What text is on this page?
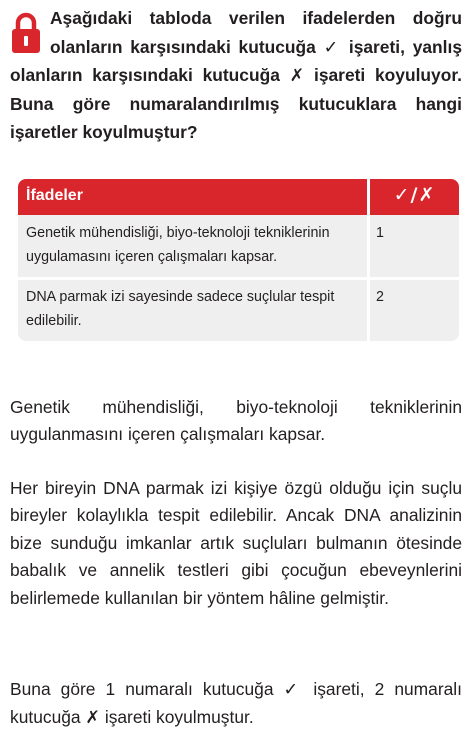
Aşağıdaki tabloda verilen ifadelerden doğru olanların karşısındaki kutucuğa ✓ işareti, yanlış olanların karşısındaki kutucuğa ✗ işareti koyuluyor. Buna göre numaralandırılmış kutucuklara hangi işaretler koyulmuştur?

İfadeler	✓/✗

Genetik mühendisliği, biyo-teknoloji tekniklerinin uygulamasını içeren çalışmaları kapsar.

1

DNA parmak izi sayesinde sadece suçlular tespit edilebilir.

2

Genetik mühendisliği, biyo-teknoloji tekniklerinin uygulanmasını içeren çalışmaları kapsar.

Her bireyin DNA parmak izi kişiye özgü olduğu için suçlu bireyler kolaylıkla tespit edilebilir. Ancak DNA analizinin bize sunduğu imkanlar artık suçluları bulmanın ötesinde babalık ve annelik testleri gibi çocuğun ebeveynlerini belirlemede kullanılan bir yöntem hâline gelmiştir.

Buna göre 1 numaralı kutucuğa ✓ işareti, 2 numaralı kutucuğa ✗ işareti koyulmuştur.
